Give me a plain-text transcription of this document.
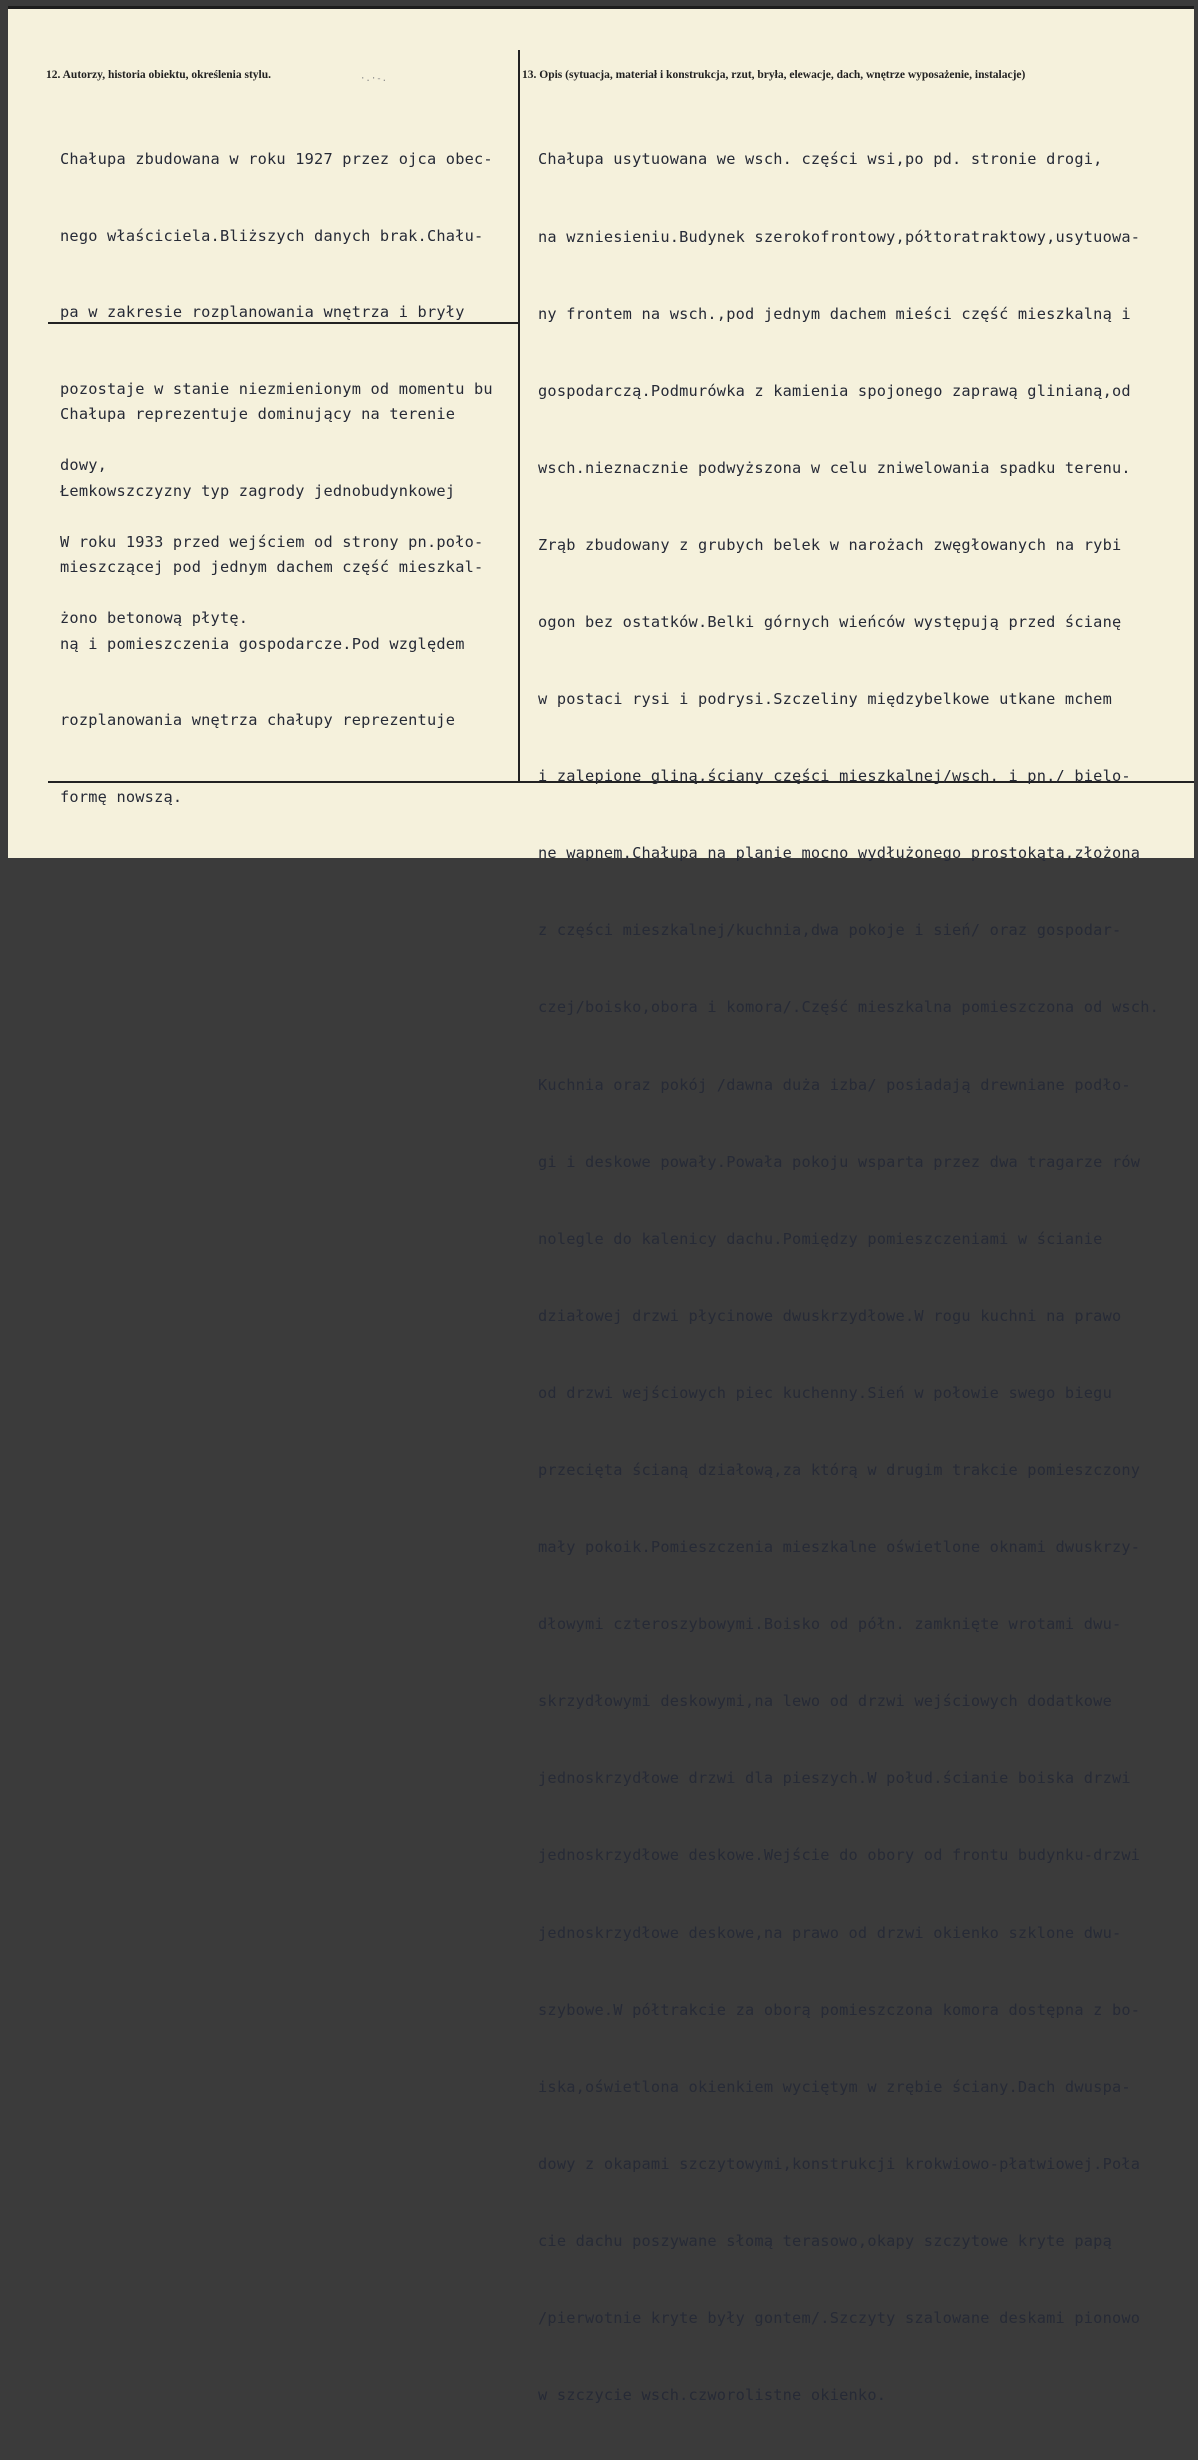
12. Autorzy, historia obiektu, określenia stylu.	·.·-.	13. Opis (sytuacja, materiał i konstrukcja, rzut, bryła, elewacje, dach, wnętrze wyposażenie, instalacje)

Chałupa zbudowana w roku 1927 przez ojca obec-

nego właściciela.Bliższych danych brak.Chału-

pa w zakresie rozplanowania wnętrza i bryły

pozostaje w stanie niezmienionym od momentu bu

dowy,

W roku 1933 przed wejściem od strony pn.poło-

żono betonową płytę.

Chałupa reprezentuje dominujący na terenie

Łemkowszczyzny typ zagrody jednobudynkowej

mieszczącej pod jednym dachem część mieszkal-

ną i pomieszczenia gospodarcze.Pod względem

rozplanowania wnętrza chałupy reprezentuje

formę nowszą.

Chałupa usytuowana we wsch. części wsi,po pd. stronie drogi,

na wzniesieniu.Budynek szerokofrontowy,półtoratraktowy,usytuowa-

ny frontem na wsch.,pod jednym dachem mieści część mieszkalną i

gospodarczą.Podmurówka z kamienia spojonego zaprawą glinianą,od

wsch.nieznacznie podwyższona w celu zniwelowania spadku terenu.

Zrąb zbudowany z grubych belek w narożach zwęgłowanych na rybi

ogon bez ostatków.Belki górnych wieńców występują przed ścianę

w postaci rysi i podrysi.Szczeliny międzybelkowe utkane mchem

i zalepione gliną,ściany części mieszkalnej/wsch. i pn./ bielo-

ne wapnem.Chałupa na planie mocno wydłużonego prostokąta,złożona

z części mieszkalnej/kuchnia,dwa pokoje i sień/ oraz gospodar-

czej/boisko,obora i komora/.Część mieszkalna pomieszczona od wsch.

Kuchnia oraz pokój /dawna duża izba/ posiadają drewniane podło-

gi i deskowe powały.Powała pokoju wsparta przez dwa tragarze rów

nolegle do kalenicy dachu.Pomiędzy pomieszczeniami w ścianie

działowej drzwi płycinowe dwuskrzydłowe.W rogu kuchni na prawo

od drzwi wejściowych piec kuchenny.Sień w połowie swego biegu

przecięta ścianą działową,za którą w drugim trakcie pomieszczony

mały pokoik.Pomieszczenia mieszkalne oświetlone oknami dwuskrzy-

dłowymi czteroszybowymi.Boisko od półn. zamknięte wrotami dwu-

skrzydłowymi deskowymi,na lewo od drzwi wejściowych dodatkowe

jednoskrzydłowe drzwi dla pieszych.W połud.ścianie boiska drzwi

jednoskrzydłowe deskowe.Wejście do obory od frontu budynku-drzwi

jednoskrzydłowe deskowe,na prawo od drzwi okienko szklone dwu-

szybowe.W półtrakcie za oborą pomieszczona komora dostępna z bo-

iska,oświetlona okienkiem wyciętym w zrębie ściany.Dach dwuspa-

dowy z okapami szczytowymi,konstrukcji krokwiowo-płatwiowej.Poła

cie dachu poszywane słomą terasowo,okapy szczytowe kryte papą

/pierwotnie kryte były gontem/.Szczyty szalowane deskami pionowo

w szczycie wsch.czworolistne okienko.
